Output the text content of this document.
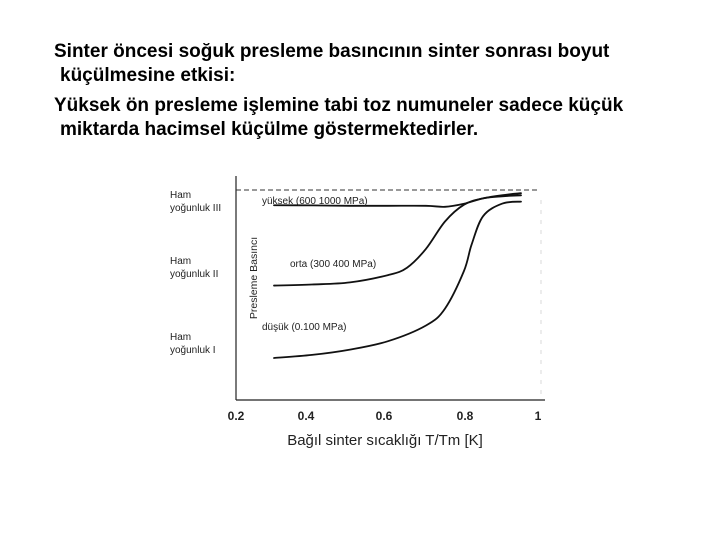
Sinter öncesi soğuk presleme basıncının sinter sonrası boyut
küçülmesine etkisi:

Yüksek ön presleme işlemine tabi toz numuneler sadece küçük
miktarda hacimsel küçülme göstermektedirler.

0.2	0.4	0.6	0.8	1
Bağıl sinter sıcaklığı T/Tm [K]
Presleme Basıncı
Ham
yoğunluk III
Ham
yoğunluk II
Ham
yoğunluk I
yüksek (600 1000 MPa)
orta (300 400 MPa)
düşük (0.100 MPa)
